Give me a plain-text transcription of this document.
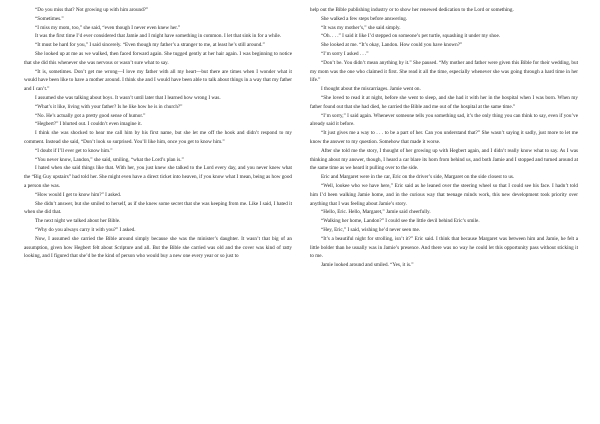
“Do you miss that? Not growing up with him around?”

“Sometimes.”

“I miss my mom, too,” she said, “even though I never even knew her.”

It was the first time I’d ever considered that Jamie and I might have something in common. I let that sink in for a while.

“It must be hard for you,” I said sincerely. “Even though my father’s a stranger to me, at least he’s still around.”

She looked up at me as we walked, then faced forward again. She tugged gently at her hair again. I was beginning to notice that she did this whenever she was nervous or wasn’t sure what to say.

“It is, sometimes. Don’t get me wrong—I love my father with all my heart—but there are times when I wonder what it would have been like to have a mother around. I think she and I would have been able to talk about things in a way that my father and I can’t.”

I assumed she was talking about boys. It wasn’t until later that I learned how wrong I was.

“What’s it like, living with your father? Is he like how he is in church?”

“No. He’s actually got a pretty good sense of humor.”

“Hegbert?” I blurted out. I couldn’t even imagine it.

I think she was shocked to hear me call him by his first name, but she let me off the hook and didn’t respond to my comment. Instead she said, “Don’t look so surprised. You’ll like him, once you get to know him.”

“I doubt if I’ll ever get to know him.”

“You never know, Landon,” she said, smiling, “what the Lord’s plan is.”

I hated when she said things like that. With her, you just knew she talked to the Lord every day, and you never knew what the “Big Guy upstairs” had told her. She might even have a direct ticket into heaven, if you know what I mean, being as how good a person she was.

“How would I get to know him?” I asked.

She didn’t answer, but she smiled to herself, as if she knew some secret that she was keeping from me. Like I said, I hated it when she did that.

The next night we talked about her Bible.

“Why do you always carry it with you?” I asked.

Now, I assumed she carried the Bible around simply because she was the minister’s daughter. It wasn’t that big of an assumption, given how Hegbert felt about Scripture and all. But the Bible she carried was old and the cover was kind of ratty looking, and I figured that she’d be the kind of person who would buy a new one every year or so just to

help out the Bible publishing industry or to show her renewed dedication to the Lord or something.

She walked a few steps before answering.

“It was my mother’s,” she said simply.

“Oh. . . .” I said it like I’d stepped on someone’s pet turtle, squashing it under my shoe.

She looked at me. “It’s okay, Landon. How could you have known?”

“I’m sorry I asked . . .”

“Don’t be. You didn’t mean anything by it.” She paused. “My mother and father were given this Bible for their wedding, but my mom was the one who claimed it first. She read it all the time, especially whenever she was going through a hard time in her life.”

I thought about the miscarriages. Jamie went on.

“She loved to read it at night, before she went to sleep, and she had it with her in the hospital when I was born. When my father found out that she had died, he carried the Bible and me out of the hospital at the same time.”

“I’m sorry,” I said again. Whenever someone tells you something sad, it’s the only thing you can think to say, even if you’ve already said it before.

“It just gives me a way to . . . to be a part of her. Can you understand that?” She wasn’t saying it sadly, just more to let me know the answer to my question. Somehow that made it worse.

After she told me the story, I thought of her growing up with Hegbert again, and I didn’t really know what to say. As I was thinking about my answer, though, I heard a car blare its horn from behind us, and both Jamie and I stopped and turned around at the same time as we heard it pulling over to the side.

Eric and Margaret were in the car, Eric on the driver’s side, Margaret on the side closest to us.

“Well, lookee who we have here,” Eric said as he leaned over the steering wheel so that I could see his face. I hadn’t told him I’d been walking Jamie home, and in the curious way that teenage minds work, this new development took priority over anything that I was feeling about Jamie’s story.

“Hello, Eric. Hello, Margaret,” Jamie said cheerfully.

“Walking her home, Landon?” I could see the little devil behind Eric’s smile.

“Hey, Eric,” I said, wishing he’d never seen me.

“It’s a beautiful night for strolling, isn’t it?” Eric said. I think that because Margaret was between him and Jamie, he felt a little bolder than he usually was in Jamie’s presence. And there was no way he could let this opportunity pass without sticking it to me.

Jamie looked around and smiled. “Yes, it is.”
